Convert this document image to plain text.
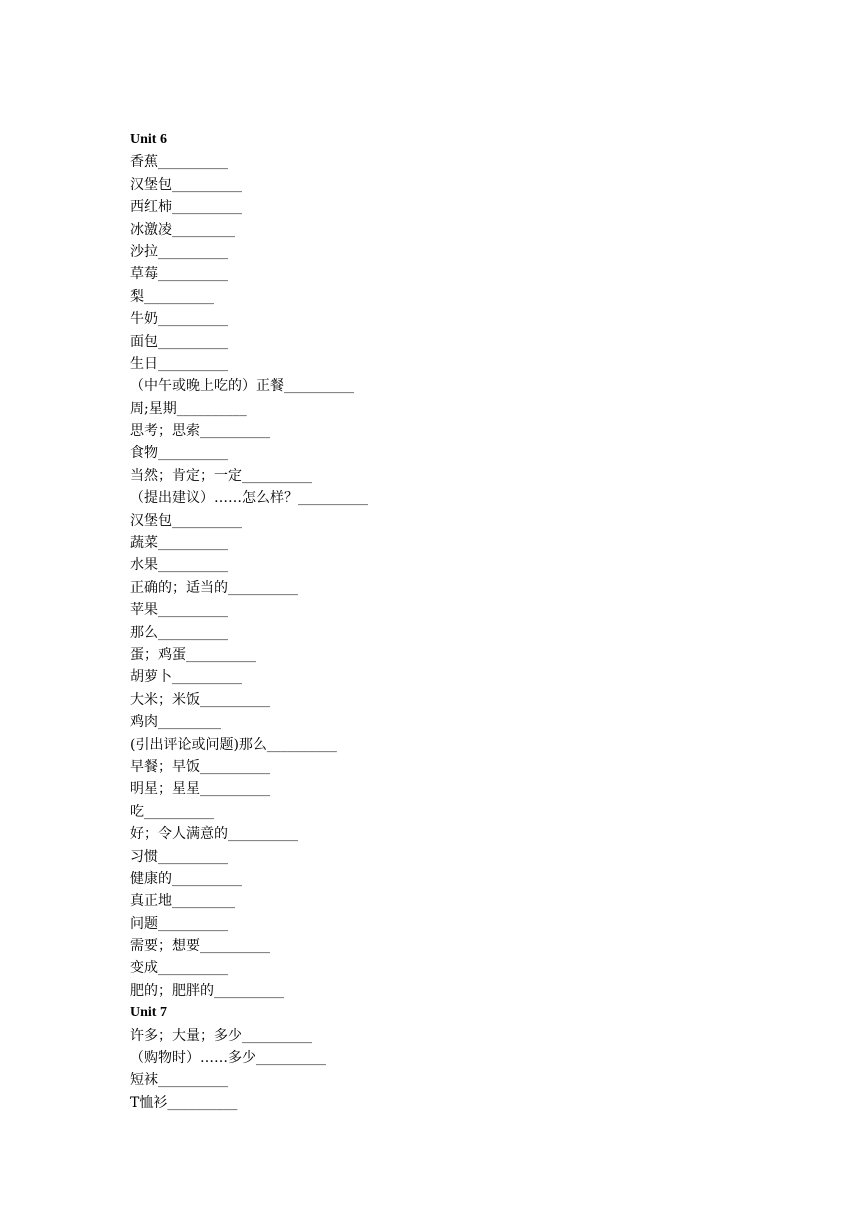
Unit 6
香蕉__________
汉堡包__________
西红柿__________
冰激凌_________
沙拉__________
草莓__________
梨__________
牛奶__________
面包__________
生日__________
（中午或晚上吃的）正餐__________
周;星期__________
思考；思索__________
食物__________
当然；肯定；一定__________
（提出建议）……怎么样？__________
汉堡包__________
蔬菜__________
水果__________
正确的；适当的__________
苹果__________
那么__________
蛋；鸡蛋__________
胡萝卜__________
大米；米饭__________
鸡肉_________
(引出评论或问题)那么__________
早餐；早饭__________
明星；星星__________
吃__________
好；令人满意的__________
习惯__________
健康的__________
真正地_________
问题__________
需要；想要__________
变成__________
肥的；肥胖的__________
Unit 7
许多；大量；多少__________
（购物时）……多少__________
短袜__________
T恤衫__________
